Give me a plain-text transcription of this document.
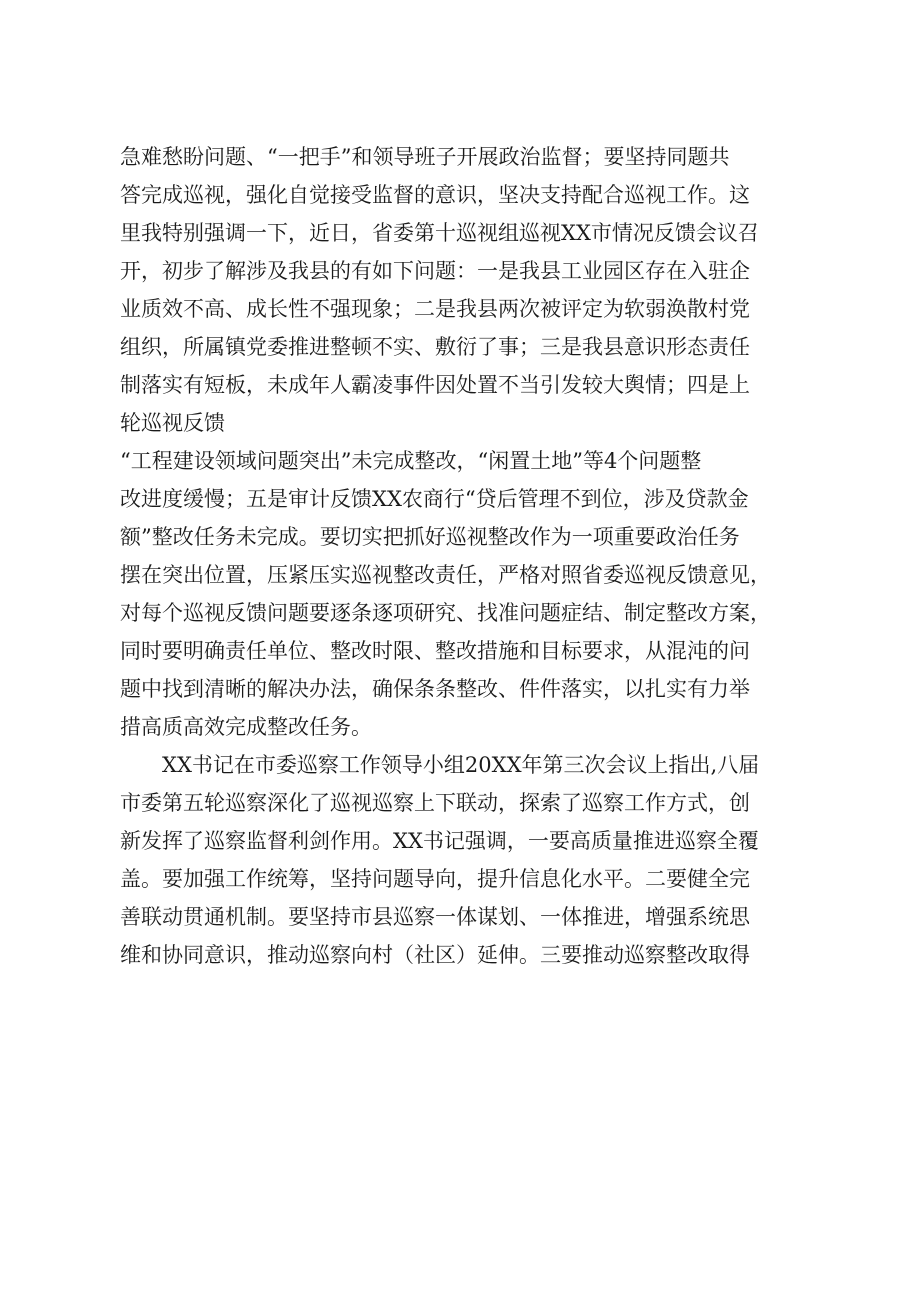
急难愁盼问题、“一把手”和领导班子开展政治监督；要坚持同题共
答完成巡视，强化自觉接受监督的意识，坚决支持配合巡视工作。这
里我特别强调一下，近日，省委第十巡视组巡视XX市情况反馈会议召
开，初步了解涉及我县的有如下问题：一是我县工业园区存在入驻企
业质效不高、成长性不强现象；二是我县两次被评定为软弱涣散村党
组织，所属镇党委推进整顿不实、敷衍了事；三是我县意识形态责任
制落实有短板，未成年人霸凌事件因处置不当引发较大舆情；四是上
轮巡视反馈
“工程建设领域问题突出”未完成整改，“闲置土地”等4个问题整
改进度缓慢；五是审计反馈XX农商行“贷后管理不到位，涉及贷款金
额”整改任务未完成。要切实把抓好巡视整改作为一项重要政治任务
摆在突出位置，压紧压实巡视整改责任，严格对照省委巡视反馈意见，
对每个巡视反馈问题要逐条逐项研究、找准问题症结、制定整改方案，
同时要明确责任单位、整改时限、整改措施和目标要求，从混沌的问
题中找到清晰的解决办法，确保条条整改、件件落实，以扎实有力举
措高质高效完成整改任务。
　　XX书记在市委巡察工作领导小组20XX年第三次会议上指出,八届
市委第五轮巡察深化了巡视巡察上下联动，探索了巡察工作方式，创
新发挥了巡察监督利剑作用。XX书记强调，一要高质量推进巡察全覆
盖。要加强工作统筹，坚持问题导向，提升信息化水平。二要健全完
善联动贯通机制。要坚持市县巡察一体谋划、一体推进，增强系统思
维和协同意识，推动巡察向村（社区）延伸。三要推动巡察整改取得
